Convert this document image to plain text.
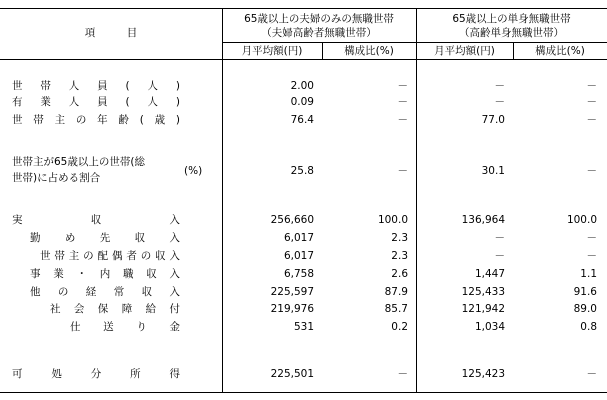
項　　　目
65歳以上の夫婦のみの無職世帯
（夫婦高齢者無職世帯）
65歳以上の単身無職世帯
（高齢単身無職世帯）
月平均額(円)	構成比(%)	月平均額(円)	構成比(%)
世帯人員(人)	2.00	－	－	－
有業人員(人)	0.09	－	－	－
世帯主の年齢(歳)	76.4	－	77.0	－
世帯主が65歳以上の世帯(総
世帯)に占める割合
(%)	25.8	－	30.1	－
実収入	256,660	100.0	136,964	100.0
勤め先収入	6,017	2.3	－	－
世帯主の配偶者の収入	6,017	2.3	－	－
事業・内職収入	6,758	2.6	1,447	1.1
他の経常収入	225,597	87.9	125,433	91.6
社会保障給付	219,976	85.7	121,942	89.0
仕送り金	531	0.2	1,034	0.8
可処分所得	225,501	－	125,423	－
